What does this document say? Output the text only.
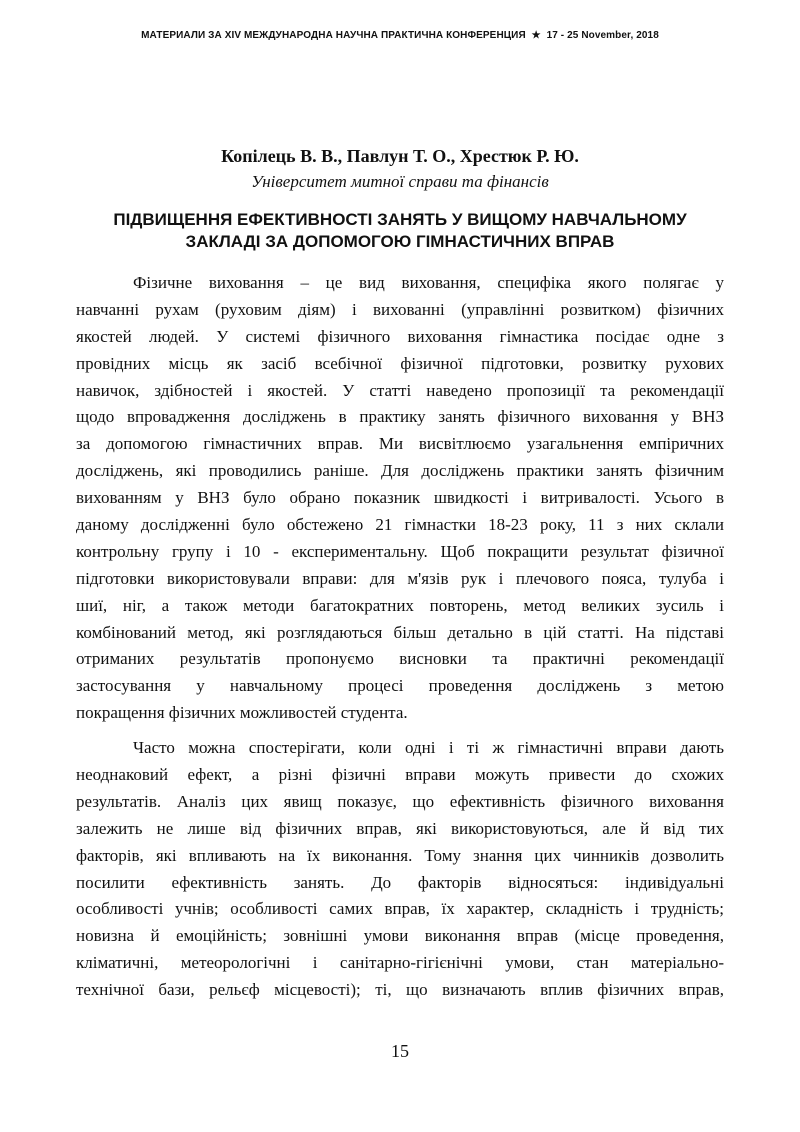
МАТЕРИАЛИ ЗА XIV МЕЖДУНАРОДНА НАУЧНА ПРАКТИЧНА КОНФЕРЕНЦИЯ ★ 17 - 25 November, 2018
Копілець В. В., Павлун Т. О., Хрестюк Р. Ю.
Університет митної справи та фінансів
ПІДВИЩЕННЯ ЕФЕКТИВНОСТІ ЗАНЯТЬ У ВИЩОМУ НАВЧАЛЬНОМУ
ЗАКЛАДІ ЗА ДОПОМОГОЮ ГІМНАСТИЧНИХ ВПРАВ
Фізичне виховання – це вид виховання, специфіка якого полягає у
навчанні рухам (руховим діям) і вихованні (управлінні розвитком) фізичних
якостей людей. У системі фізичного виховання гімнастика посідає одне з
провідних місць як засіб всебічної фізичної підготовки, розвитку рухових
навичок, здібностей і якостей. У статті наведено пропозиції та рекомендації
щодо впровадження досліджень в практику занять фізичного виховання у ВНЗ
за допомогою гімнастичних вправ. Ми висвітлюємо узагальнення емпіричних
досліджень, які проводились раніше. Для досліджень практики занять фізичним
вихованням у ВНЗ було обрано показник швидкості і витривалості. Усього в
даному дослідженні було обстежено 21 гімнастки 18-23 року, 11 з них склали
контрольну групу і 10 - експериментальну. Щоб покращити результат фізичної
підготовки використовували вправи: для м'язів рук і плечового пояса, тулуба і
шиї, ніг, а також методи багатократних повторень, метод великих зусиль і
комбінований метод, які розглядаються більш детально в цій статті. На підставі
отриманих результатів пропонуємо висновки та практичні рекомендації
застосування у навчальному процесі проведення досліджень з метою
покращення фізичних можливостей студента.
Часто можна спостерігати, коли одні і ті ж гімнастичні вправи дають
неоднаковий ефект, а різні фізичні вправи можуть привести до схожих
результатів. Аналіз цих явищ показує, що ефективність фізичного виховання
залежить не лише від фізичних вправ, які використовуються, але й від тих
факторів, які впливають на їх виконання. Тому знання цих чинників дозволить
посилити ефективність занять. До факторів відносяться: індивідуальні
особливості учнів; особливості самих вправ, їх характер, складність і трудність;
новизна й емоційність; зовнішні умови виконання вправ (місце проведення,
кліматичні, метеорологічні і санітарно-гігієнічні умови, стан матеріально-
технічної бази, рельєф місцевості); ті, що визначають вплив фізичних вправ,
15
